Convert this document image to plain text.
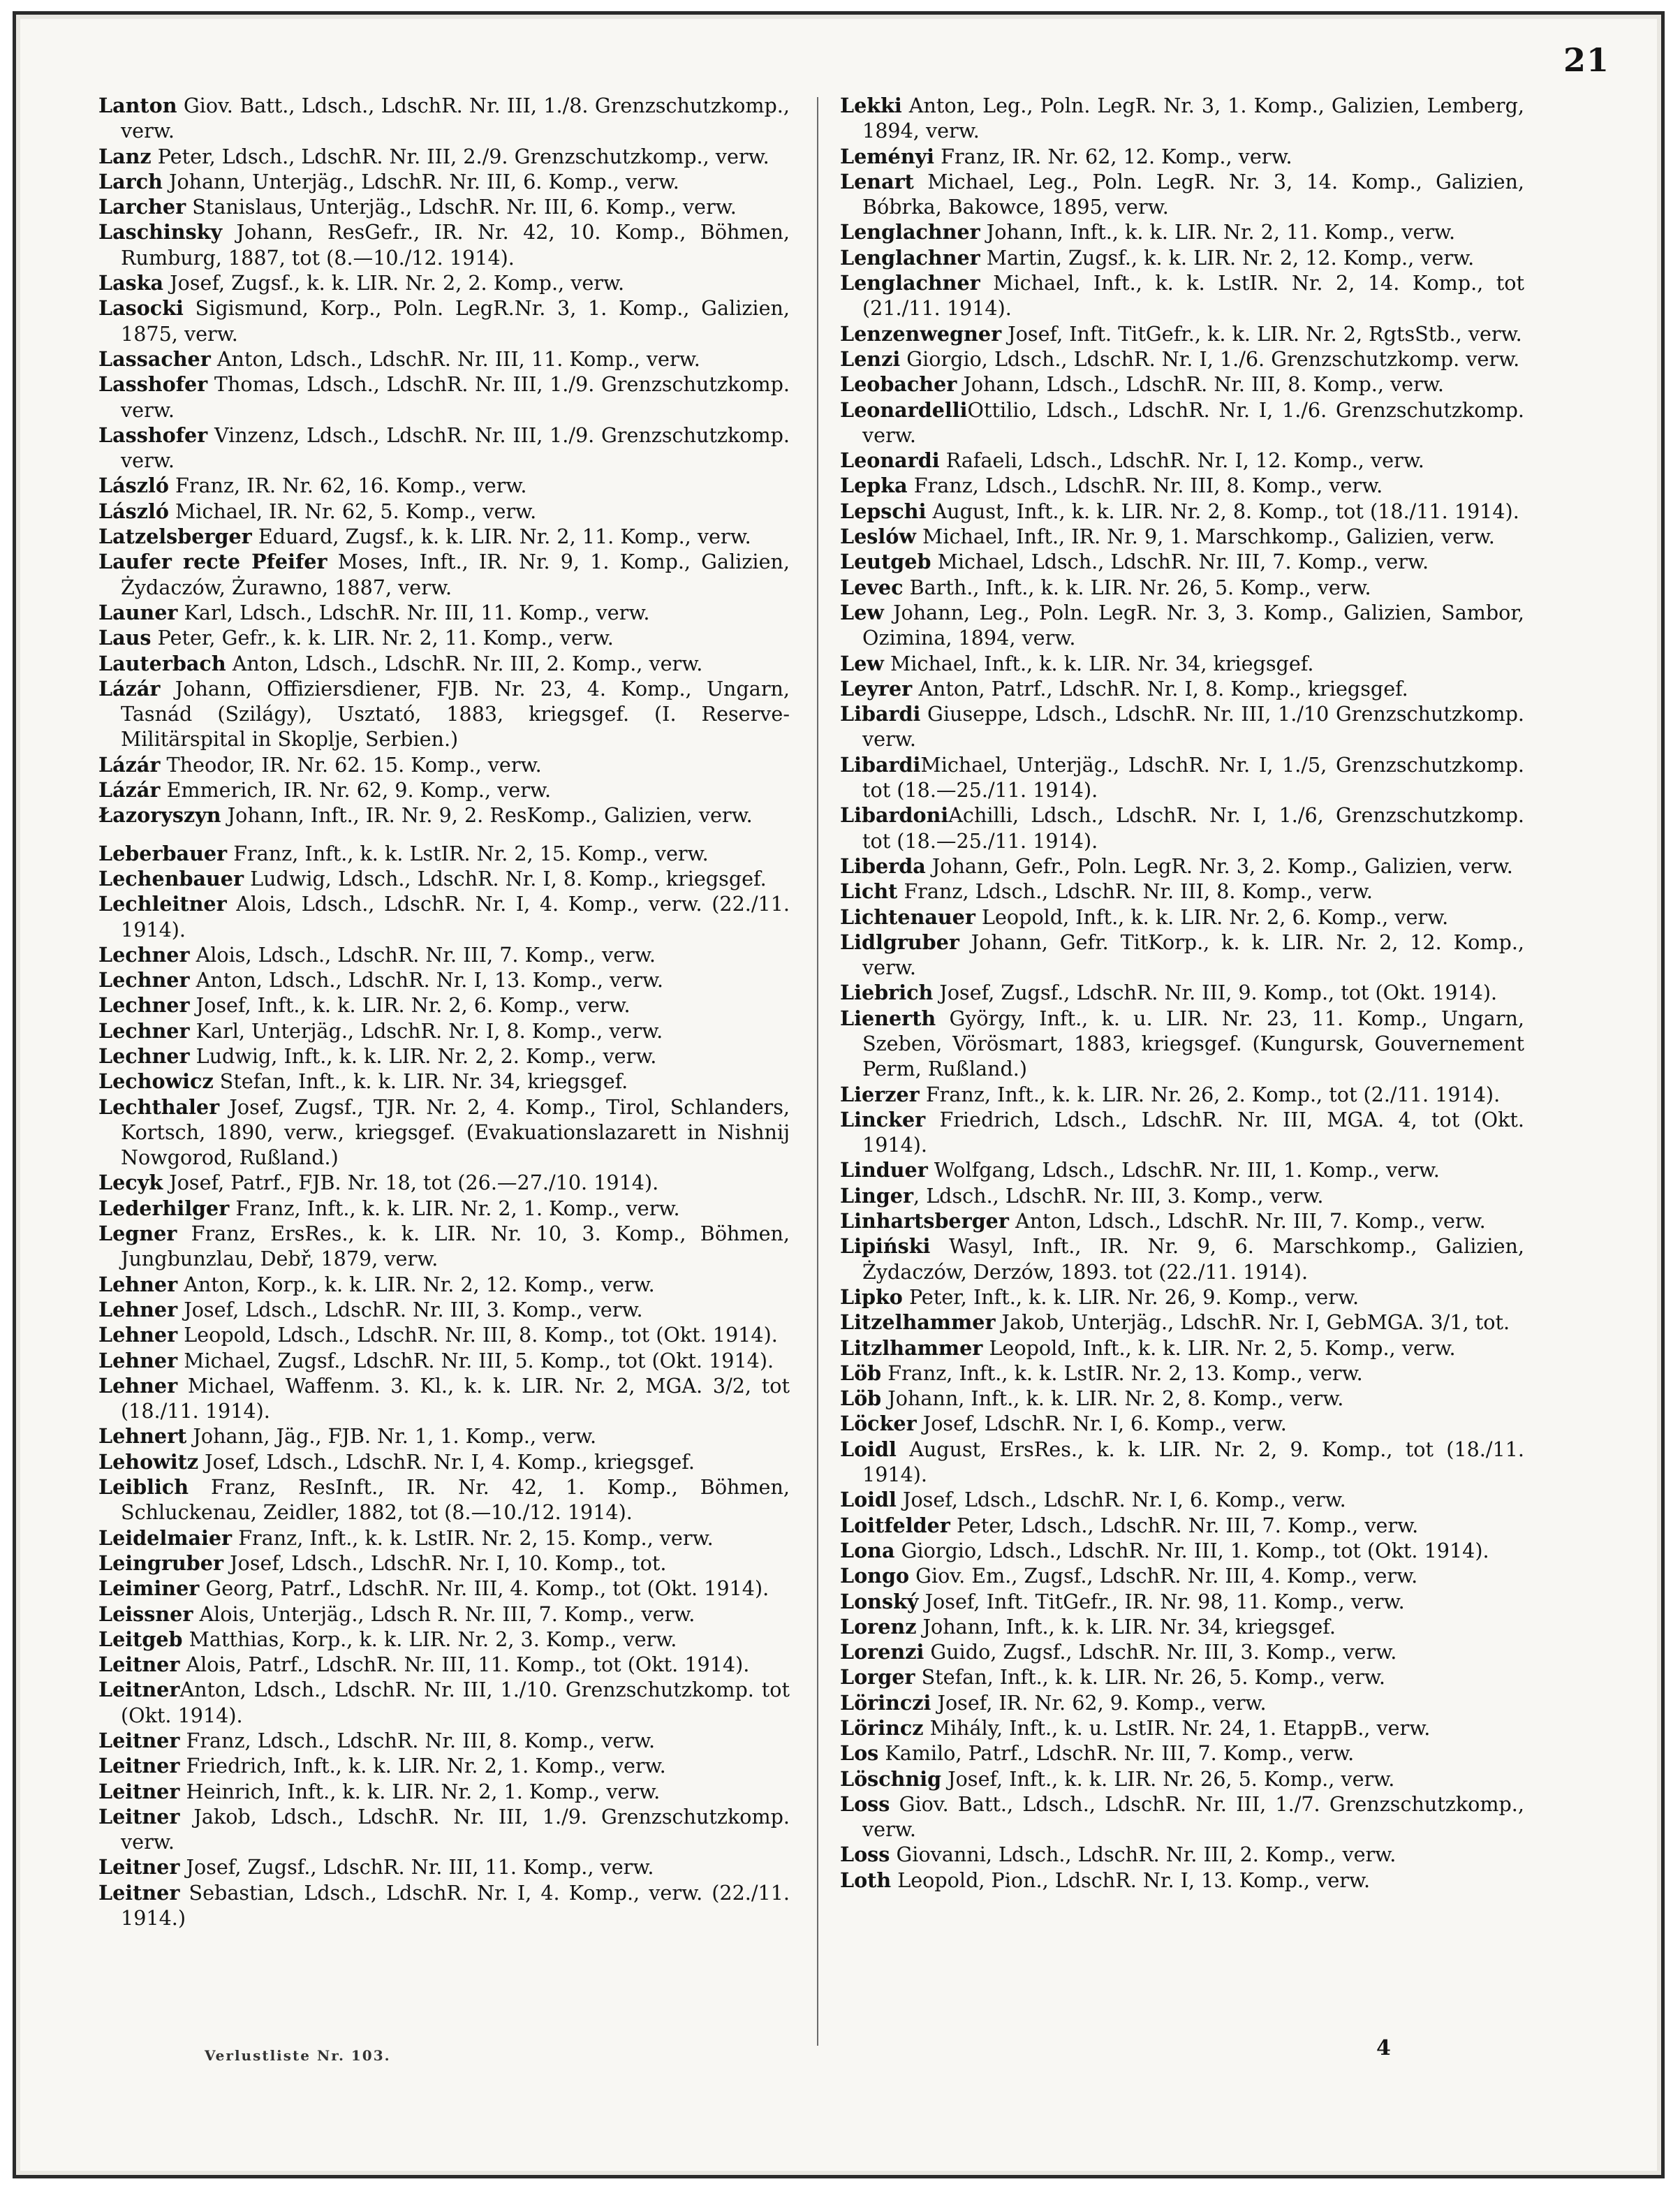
21

Lanton Giov. Batt., Ldsch., LdschR. Nr. III, 1./8. Grenzschutzkomp., verw.

Lanz Peter, Ldsch., LdschR. Nr. III, 2./9. Grenzschutzkomp., verw.

Larch Johann, Unterjäg., LdschR. Nr. III, 6. Komp., verw.

Larcher Stanislaus, Unterjäg., LdschR. Nr. III, 6. Komp., verw.

Laschinsky Johann, ResGefr., IR. Nr. 42, 10. Komp., Böhmen, Rumburg, 1887, tot (8.—10./12. 1914).

Laska Josef, Zugsf., k. k. LIR. Nr. 2, 2. Komp., verw.

Lasocki Sigismund, Korp., Poln. LegR.Nr. 3, 1. Komp., Galizien, 1875, verw.

Lassacher Anton, Ldsch., LdschR. Nr. III, 11. Komp., verw.

Lasshofer Thomas, Ldsch., LdschR. Nr. III, 1./9. Grenzschutzkomp. verw.

Lasshofer Vinzenz, Ldsch., LdschR. Nr. III, 1./9. Grenzschutzkomp. verw.

László Franz, IR. Nr. 62, 16. Komp., verw.

László Michael, IR. Nr. 62, 5. Komp., verw.

Latzelsberger Eduard, Zugsf., k. k. LIR. Nr. 2, 11. Komp., verw.

Laufer recte Pfeifer Moses, Inft., IR. Nr. 9, 1. Komp., Galizien, Żydaczów, Żurawno, 1887, verw.

Launer Karl, Ldsch., LdschR. Nr. III, 11. Komp., verw.

Laus Peter, Gefr., k. k. LIR. Nr. 2, 11. Komp., verw.

Lauterbach Anton, Ldsch., LdschR. Nr. III, 2. Komp., verw.

Lázár Johann, Offiziersdiener, FJB. Nr. 23, 4. Komp., Ungarn, Tasnád (Szilágy), Usztató, 1883, kriegsgef. (I. Reserve-Militärspital in Skoplje, Serbien.)

Lázár Theodor, IR. Nr. 62. 15. Komp., verw.

Lázár Emmerich, IR. Nr. 62, 9. Komp., verw.

Łazoryszyn Johann, Inft., IR. Nr. 9, 2. ResKomp., Galizien, verw.

Leberbauer Franz, Inft., k. k. LstIR. Nr. 2, 15. Komp., verw.

Lechenbauer Ludwig, Ldsch., LdschR. Nr. I, 8. Komp., kriegsgef.

Lechleitner Alois, Ldsch., LdschR. Nr. I, 4. Komp., verw. (22./11. 1914).

Lechner Alois, Ldsch., LdschR. Nr. III, 7. Komp., verw.

Lechner Anton, Ldsch., LdschR. Nr. I, 13. Komp., verw.

Lechner Josef, Inft., k. k. LIR. Nr. 2, 6. Komp., verw.

Lechner Karl, Unterjäg., LdschR. Nr. I, 8. Komp., verw.

Lechner Ludwig, Inft., k. k. LIR. Nr. 2, 2. Komp., verw.

Lechowicz Stefan, Inft., k. k. LIR. Nr. 34, kriegsgef.

Lechthaler Josef, Zugsf., TJR. Nr. 2, 4. Komp., Tirol, Schlanders, Kortsch, 1890, verw., kriegsgef. (Evakuationslazarett in Nishnij Nowgorod, Rußland.)

Lecyk Josef, Patrf., FJB. Nr. 18, tot (26.—27./10. 1914).

Lederhilger Franz, Inft., k. k. LIR. Nr. 2, 1. Komp., verw.

Legner Franz, ErsRes., k. k. LIR. Nr. 10, 3. Komp., Böhmen, Jungbunzlau, Debř, 1879, verw.

Lehner Anton, Korp., k. k. LIR. Nr. 2, 12. Komp., verw.

Lehner Josef, Ldsch., LdschR. Nr. III, 3. Komp., verw.

Lehner Leopold, Ldsch., LdschR. Nr. III, 8. Komp., tot (Okt. 1914).

Lehner Michael, Zugsf., LdschR. Nr. III, 5. Komp., tot (Okt. 1914).

Lehner Michael, Waffenm. 3. Kl., k. k. LIR. Nr. 2, MGA. 3/2, tot (18./11. 1914).

Lehnert Johann, Jäg., FJB. Nr. 1, 1. Komp., verw.

Lehowitz Josef, Ldsch., LdschR. Nr. I, 4. Komp., kriegsgef.

Leiblich Franz, ResInft., IR. Nr. 42, 1. Komp., Böhmen, Schluckenau, Zeidler, 1882, tot (8.—10./12. 1914).

Leidelmaier Franz, Inft., k. k. LstIR. Nr. 2, 15. Komp., verw.

Leingruber Josef, Ldsch., LdschR. Nr. I, 10. Komp., tot.

Leiminer Georg, Patrf., LdschR. Nr. III, 4. Komp., tot (Okt. 1914).

Leissner Alois, Unterjäg., Ldsch R. Nr. III, 7. Komp., verw.

Leitgeb Matthias, Korp., k. k. LIR. Nr. 2, 3. Komp., verw.

Leitner Alois, Patrf., LdschR. Nr. III, 11. Komp., tot (Okt. 1914).

LeitnerAnton, Ldsch., LdschR. Nr. III, 1./10. Grenzschutzkomp. tot (Okt. 1914).

Leitner Franz, Ldsch., LdschR. Nr. III, 8. Komp., verw.

Leitner Friedrich, Inft., k. k. LIR. Nr. 2, 1. Komp., verw.

Leitner Heinrich, Inft., k. k. LIR. Nr. 2, 1. Komp., verw.

Leitner Jakob, Ldsch., LdschR. Nr. III, 1./9. Grenzschutzkomp. verw.

Leitner Josef, Zugsf., LdschR. Nr. III, 11. Komp., verw.

Leitner Sebastian, Ldsch., LdschR. Nr. I, 4. Komp., verw. (22./11. 1914.)

Lekki Anton, Leg., Poln. LegR. Nr. 3, 1. Komp., Galizien, Lemberg, 1894, verw.

Leményi Franz, IR. Nr. 62, 12. Komp., verw.

Lenart Michael, Leg., Poln. LegR. Nr. 3, 14. Komp., Galizien, Bóbrka, Bakowce, 1895, verw.

Lenglachner Johann, Inft., k. k. LIR. Nr. 2, 11. Komp., verw.

Lenglachner Martin, Zugsf., k. k. LIR. Nr. 2, 12. Komp., verw.

Lenglachner Michael, Inft., k. k. LstIR. Nr. 2, 14. Komp., tot (21./11. 1914).

Lenzenwegner Josef, Inft. TitGefr., k. k. LIR. Nr. 2, RgtsStb., verw.

Lenzi Giorgio, Ldsch., LdschR. Nr. I, 1./6. Grenzschutzkomp. verw.

Leobacher Johann, Ldsch., LdschR. Nr. III, 8. Komp., verw.

LeonardelliOttilio, Ldsch., LdschR. Nr. I, 1./6. Grenzschutzkomp. verw.

Leonardi Rafaeli, Ldsch., LdschR. Nr. I, 12. Komp., verw.

Lepka Franz, Ldsch., LdschR. Nr. III, 8. Komp., verw.

Lepschi August, Inft., k. k. LIR. Nr. 2, 8. Komp., tot (18./11. 1914).

Leslów Michael, Inft., IR. Nr. 9, 1. Marschkomp., Galizien, verw.

Leutgeb Michael, Ldsch., LdschR. Nr. III, 7. Komp., verw.

Levec Barth., Inft., k. k. LIR. Nr. 26, 5. Komp., verw.

Lew Johann, Leg., Poln. LegR. Nr. 3, 3. Komp., Galizien, Sambor, Ozimina, 1894, verw.

Lew Michael, Inft., k. k. LIR. Nr. 34, kriegsgef.

Leyrer Anton, Patrf., LdschR. Nr. I, 8. Komp., kriegsgef.

Libardi Giuseppe, Ldsch., LdschR. Nr. III, 1./10 Grenzschutzkomp. verw.

LibardiMichael, Unterjäg., LdschR. Nr. I, 1./5, Grenzschutzkomp. tot (18.—25./11. 1914).

LibardoniAchilli, Ldsch., LdschR. Nr. I, 1./6, Grenzschutzkomp. tot (18.—25./11. 1914).

Liberda Johann, Gefr., Poln. LegR. Nr. 3, 2. Komp., Galizien, verw.

Licht Franz, Ldsch., LdschR. Nr. III, 8. Komp., verw.

Lichtenauer Leopold, Inft., k. k. LIR. Nr. 2, 6. Komp., verw.

Lidlgruber Johann, Gefr. TitKorp., k. k. LIR. Nr. 2, 12. Komp., verw.

Liebrich Josef, Zugsf., LdschR. Nr. III, 9. Komp., tot (Okt. 1914).

Lienerth György, Inft., k. u. LIR. Nr. 23, 11. Komp., Ungarn, Szeben, Vörösmart, 1883, kriegsgef. (Kungursk, Gouvernement Perm, Rußland.)

Lierzer Franz, Inft., k. k. LIR. Nr. 26, 2. Komp., tot (2./11. 1914).

Lincker Friedrich, Ldsch., LdschR. Nr. III, MGA. 4, tot (Okt. 1914).

Linduer Wolfgang, Ldsch., LdschR. Nr. III, 1. Komp., verw.

Linger, Ldsch., LdschR. Nr. III, 3. Komp., verw.

Linhartsberger Anton, Ldsch., LdschR. Nr. III, 7. Komp., verw.

Lipiński Wasyl, Inft., IR. Nr. 9, 6. Marschkomp., Galizien, Żydaczów, Derzów, 1893. tot (22./11. 1914).

Lipko Peter, Inft., k. k. LIR. Nr. 26, 9. Komp., verw.

Litzelhammer Jakob, Unterjäg., LdschR. Nr. I, GebMGA. 3/1, tot.

Litzlhammer Leopold, Inft., k. k. LIR. Nr. 2, 5. Komp., verw.

Löb Franz, Inft., k. k. LstIR. Nr. 2, 13. Komp., verw.

Löb Johann, Inft., k. k. LIR. Nr. 2, 8. Komp., verw.

Löcker Josef, LdschR. Nr. I, 6. Komp., verw.

Loidl August, ErsRes., k. k. LIR. Nr. 2, 9. Komp., tot (18./11. 1914).

Loidl Josef, Ldsch., LdschR. Nr. I, 6. Komp., verw.

Loitfelder Peter, Ldsch., LdschR. Nr. III, 7. Komp., verw.

Lona Giorgio, Ldsch., LdschR. Nr. III, 1. Komp., tot (Okt. 1914).

Longo Giov. Em., Zugsf., LdschR. Nr. III, 4. Komp., verw.

Lonský Josef, Inft. TitGefr., IR. Nr. 98, 11. Komp., verw.

Lorenz Johann, Inft., k. k. LIR. Nr. 34, kriegsgef.

Lorenzi Guido, Zugsf., LdschR. Nr. III, 3. Komp., verw.

Lorger Stefan, Inft., k. k. LIR. Nr. 26, 5. Komp., verw.

Lörinczi Josef, IR. Nr. 62, 9. Komp., verw.

Lörincz Mihály, Inft., k. u. LstIR. Nr. 24, 1. EtappB., verw.

Los Kamilo, Patrf., LdschR. Nr. III, 7. Komp., verw.

Löschnig Josef, Inft., k. k. LIR. Nr. 26, 5. Komp., verw.

Loss Giov. Batt., Ldsch., LdschR. Nr. III, 1./7. Grenzschutzkomp., verw.

Loss Giovanni, Ldsch., LdschR. Nr. III, 2. Komp., verw.

Loth Leopold, Pion., LdschR. Nr. I, 13. Komp., verw.

Verlustliste Nr. 103.	4
